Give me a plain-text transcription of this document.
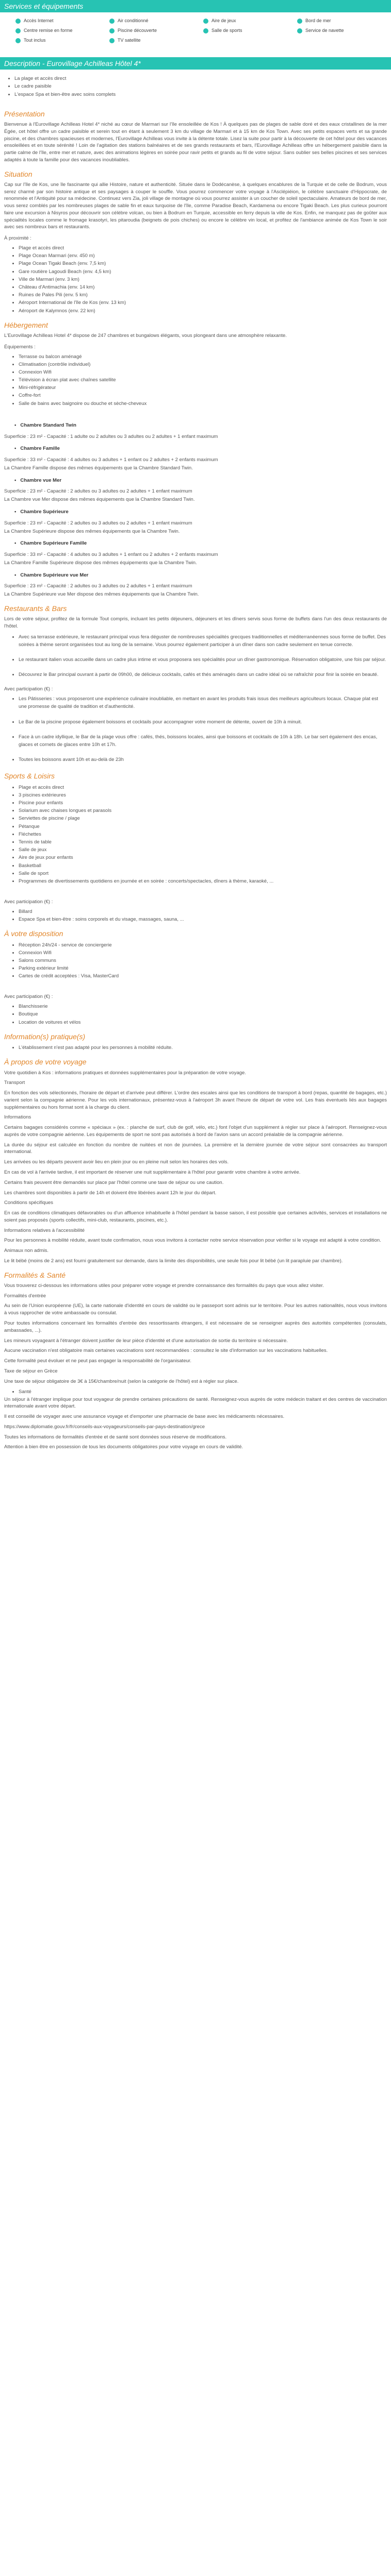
Services et équipements
Accès Internet	Air conditionné	Aire de jeux	Bord de mer
Centre remise en forme	Piscine découverte	Salle de sports	Service de navette
Tout inclus	TV satellite
Description - Eurovillage Achilleas Hôtel 4*
• La plage et accès direct
• Le cadre paisible
• L'espace Spa et bien-être avec soins complets
Présentation

Bienvenue à l'Eurovillage Achilleas Hotel 4* niché au cœur de Marmari sur l'île ensoleillée de Kos ! À quelques pas de plages de sable doré et des eaux cristallines de la mer Égée, cet hôtel offre un cadre paisible et serein tout en étant à seulement 3 km du village de Marmari et à 15 km de Kos Town. Avec ses petits espaces verts et sa grande piscine, et des chambres spacieuses et modernes, l'Eurovillage Achilleas vous invite à la détente totale. Lisez la suite pour partir à la découverte de cet hôtel pour des vacances ensoleillées et en toute sérénité ! Loin de l'agitation des stations balnéaires et de ses grands restaurants et bars, l'Eurovillage Achilleas offre un hébergement paisible dans la partie calme de l'île, entre mer et nature, avec des animations légères en soirée pour ravir petits et grands au fil de votre séjour. Sans oublier ses belles piscines et ses services adaptés à toute la famille pour des vacances inoubliables.

Situation

Cap sur l'île de Kos, une île fascinante qui allie Histoire, nature et authenticité. Située dans le Dodécanèse, à quelques encablures de la Turquie et de celle de Bodrum, vous serez charmé par son histoire antique et ses paysages à couper le souffle. Vous pourrez commencer votre voyage à l'Asclépiéion, le célèbre sanctuaire d'Hippocrate, de renommée et l'Antiquité pour sa médecine. Continuez vers Zia, joli village de montagne où vous pourrez assister à un coucher de soleil spectaculaire. Amateurs de bord de mer, vous serez comblés par les nombreuses plages de sable fin et eaux turquoise de l'île, comme Paradise Beach, Kardamena ou encore Tigaki Beach. Les plus curieux pourront faire une excursion à Nisyros pour découvrir son célèbre volcan, ou bien à Bodrum en Turquie, accessible en ferry depuis la ville de Kos. Enfin, ne manquez pas de goûter aux spécialités locales comme le fromage krasotyri, les pitaroudia (beignets de pois chiches) ou encore le célèbre vin local, et profitez de l'ambiance animée de Kos Town le soir avec ses nombreux bars et restaurants.

À proximité :

• Plage et accès direct
• Plage Ocean Marmari (env. 450 m)
• Plage Ocean Tigaki Beach (env. 7,5 km)
• Gare routière Lagoudi Beach (env. 4,5 km)
• Ville de Marmari (env. 3 km)
• Château d'Antimachia (env. 14 km)
• Ruines de Pales Pili (env. 5 km)
• Aéroport International de l'île de Kos (env. 13 km)
• Aéroport de Kalymnos (env. 22 km)
Hébergement

L'Eurovillage Achilleas Hotel 4* dispose de 247 chambres et bungalows élégants, vous plongeant dans une atmosphère relaxante.

Équipements :

• Terrasse ou balcon aménagé
• Climatisation (contrôle individuel)
• Connexion Wifi
• Télévision à écran plat avec chaînes satellite
• Mini-réfrigérateur
• Coffre-fort
• Salle de bains avec baignoire ou douche et sèche-cheveux
• Chambre Standard Twin

Superficie : 23 m² - Capacité : 1 adulte ou 2 adultes ou 3 adultes ou 2 adultes + 1 enfant maximum

• Chambre Famille

Superficie : 33 m² - Capacité : 4 adultes ou 3 adultes + 1 enfant ou 2 adultes + 2 enfants maximum

La Chambre Famille dispose des mêmes équipements que la Chambre Standard Twin.

• Chambre vue Mer

Superficie : 23 m² - Capacité : 2 adultes ou 3 adultes ou 2 adultes + 1 enfant maximum

La Chambre vue Mer dispose des mêmes équipements que la Chambre Standard Twin.

• Chambre Supérieure

Superficie : 23 m² - Capacité : 2 adultes ou 3 adultes ou 2 adultes + 1 enfant maximum

La Chambre Supérieure dispose des mêmes équipements que la Chambre Twin.

• Chambre Supérieure Famille

Superficie : 33 m² - Capacité : 4 adultes ou 3 adultes + 1 enfant ou 2 adultes + 2 enfants maximum

La Chambre Famille Supérieure dispose des mêmes équipements que la Chambre Twin.

• Chambre Supérieure vue Mer

Superficie : 23 m² - Capacité : 2 adultes ou 3 adultes ou 2 adultes + 1 enfant maximum

La Chambre Supérieure vue Mer dispose des mêmes équipements que la Chambre Twin.

Restaurants & Bars

Lors de votre séjour, profitez de la formule Tout compris, incluant les petits déjeuners, déjeuners et les dîners servis sous forme de buffets dans l'un des deux restaurants de l'hôtel.

• Avec sa terrasse extérieure, le restaurant principal vous fera déguster de nombreuses spécialités grecques traditionnelles et méditerranéennes sous forme de buffet. Des soirées à thème seront organisées tout au long de la semaine. Vous pourrez également participer à un dîner dans son cadre seulement en tenue correcte.
• Le restaurant italien vous accueille dans un cadre plus intime et vous proposera ses spécialités pour un dîner gastronomique. Réservation obligatoire, une fois par séjour.
• Découvrez le Bar principal ouvrant à partir de 09h00, de délicieux cocktails, cafés et thés aménagés dans un cadre idéal où se rafraîchir pour finir la soirée en beauté.

Avec participation (€) :

• Les Pâtisseries : vous proposeront une expérience culinaire inoubliable, en mettant en avant les produits frais issus des meilleurs agriculteurs locaux. Chaque plat est une promesse de qualité de tradition et d'authenticité.
• Le Bar de la piscine propose également boissons et cocktails pour accompagner votre moment de détente, ouvert de 10h à minuit.
• Face à un cadre idyllique, le Bar de la plage vous offre : cafés, thés, boissons locales, ainsi que boissons et cocktails de 10h à 18h. Le bar sert également des encas, glaces et cornets de glaces entre 10h et 17h.
• Toutes les boissons avant 10h et au-delà de 23h
Sports & Loisirs
• Plage et accès direct
• 3 piscines extérieures
• Piscine pour enfants
• Solarium avec chaises longues et parasols
• Serviettes de piscine / plage
• Pétanque
• Fléchettes
• Tennis de table
• Salle de jeux
• Aire de jeux pour enfants
• Basketball
• Salle de sport
• Programmes de divertissements quotidiens en journée et en soirée : concerts/spectacles, dîners à thème, karaoké, ...

Avec participation (€) :

• Billard
• Espace Spa et bien-être : soins corporels et du visage, massages, sauna, ...
À votre disposition
• Réception 24h/24 - service de conciergerie
• Connexion Wifi
• Salons communs
• Parking extérieur limité
• Cartes de crédit acceptées : Visa, MasterCard

Avec participation (€) :

• Blanchisserie
• Boutique
• Location de voitures et vélos
Information(s) pratique(s)
• L'établissement n'est pas adapté pour les personnes à mobilité réduite.
À propos de votre voyage

Votre quotidien à Kos : informations pratiques et données supplémentaires pour la préparation de votre voyage.

Transport

En fonction des vols sélectionnés, l'horaire de départ et d'arrivée peut différer. L'ordre des escales ainsi que les conditions de transport à bord (repas, quantité de bagages, etc.) varient selon la compagnie aérienne. Pour les vols internationaux, présentez-vous à l'aéroport 3h avant l'heure de départ de votre vol. Les frais éventuels liés aux bagages supplémentaires ou hors format sont à la charge du client.

Informations

Certains bagages considérés comme « spéciaux » (ex. : planche de surf, club de golf, vélo, etc.) font l'objet d'un supplément à régler sur place à l'aéroport. Renseignez-vous auprès de votre compagnie aérienne. Les équipements de sport ne sont pas autorisés à bord de l'avion sans un accord préalable de la compagnie aérienne.

La durée du séjour est calculée en fonction du nombre de nuitées et non de journées. La première et la dernière journée de votre séjour sont consacrées au transport international.

Les arrivées ou les départs peuvent avoir lieu en plein jour ou en pleine nuit selon les horaires des vols.

En cas de vol à l'arrivée tardive, il est important de réserver une nuit supplémentaire à l'hôtel pour garantir votre chambre à votre arrivée.

Certains frais peuvent être demandés sur place par l'hôtel comme une taxe de séjour ou une caution.

Les chambres sont disponibles à partir de 14h et doivent être libérées avant 12h le jour du départ.

Conditions spécifiques

En cas de conditions climatiques défavorables ou d'un affluence inhabituelle à l'hôtel pendant la basse saison, il est possible que certaines activités, services et installations ne soient pas proposés (sports collectifs, mini-club, restaurants, piscines, etc.).

Informations relatives à l'accessibilité

Pour les personnes à mobilité réduite, avant toute confirmation, nous vous invitons à contacter notre service réservation pour vérifier si le voyage est adapté à votre condition.

Animaux non admis.

Le lit bébé (moins de 2 ans) est fourni gratuitement sur demande, dans la limite des disponibilités, une seule fois pour lit bébé (un lit parapluie par chambre).

Formalités & Santé

Vous trouverez ci-dessous les informations utiles pour préparer votre voyage et prendre connaissance des formalités du pays que vous allez visiter.

Formalités d'entrée

Au sein de l'Union européenne (UE), la carte nationale d'identité en cours de validité ou le passeport sont admis sur le territoire. Pour les autres nationalités, nous vous invitons à vous rapprocher de votre ambassade ou consulat.

Pour toutes informations concernant les formalités d'entrée des ressortissants étrangers, il est nécessaire de se renseigner auprès des autorités compétentes (consulats, ambassades, ...).

Les mineurs voyageant à l'étranger doivent justifier de leur pièce d'identité et d'une autorisation de sortie du territoire si nécessaire.

Aucune vaccination n'est obligatoire mais certaines vaccinations sont recommandées : consultez le site d'information sur les vaccinations habituelles.

Cette formalité peut évoluer et ne peut pas engager la responsabilité de l'organisateur.

Taxe de séjour en Grèce

Une taxe de séjour obligatoire de 3€ à 15€/chambre/nuit (selon la catégorie de l'hôtel) est à régler sur place.

• Santé

Un séjour à l'étranger implique pour tout voyageur de prendre certaines précautions de santé. Renseignez-vous auprès de votre médecin traitant et des centres de vaccination internationale avant votre départ.

Il est conseillé de voyager avec une assurance voyage et d'emporter une pharmacie de base avec les médicaments nécessaires.

https://www.diplomatie.gouv.fr/fr/conseils-aux-voyageurs/conseils-par-pays-destination/grece

Toutes les informations de formalités d'entrée et de santé sont données sous réserve de modifications.

Attention à bien être en possession de tous les documents obligatoires pour votre voyage en cours de validité.
